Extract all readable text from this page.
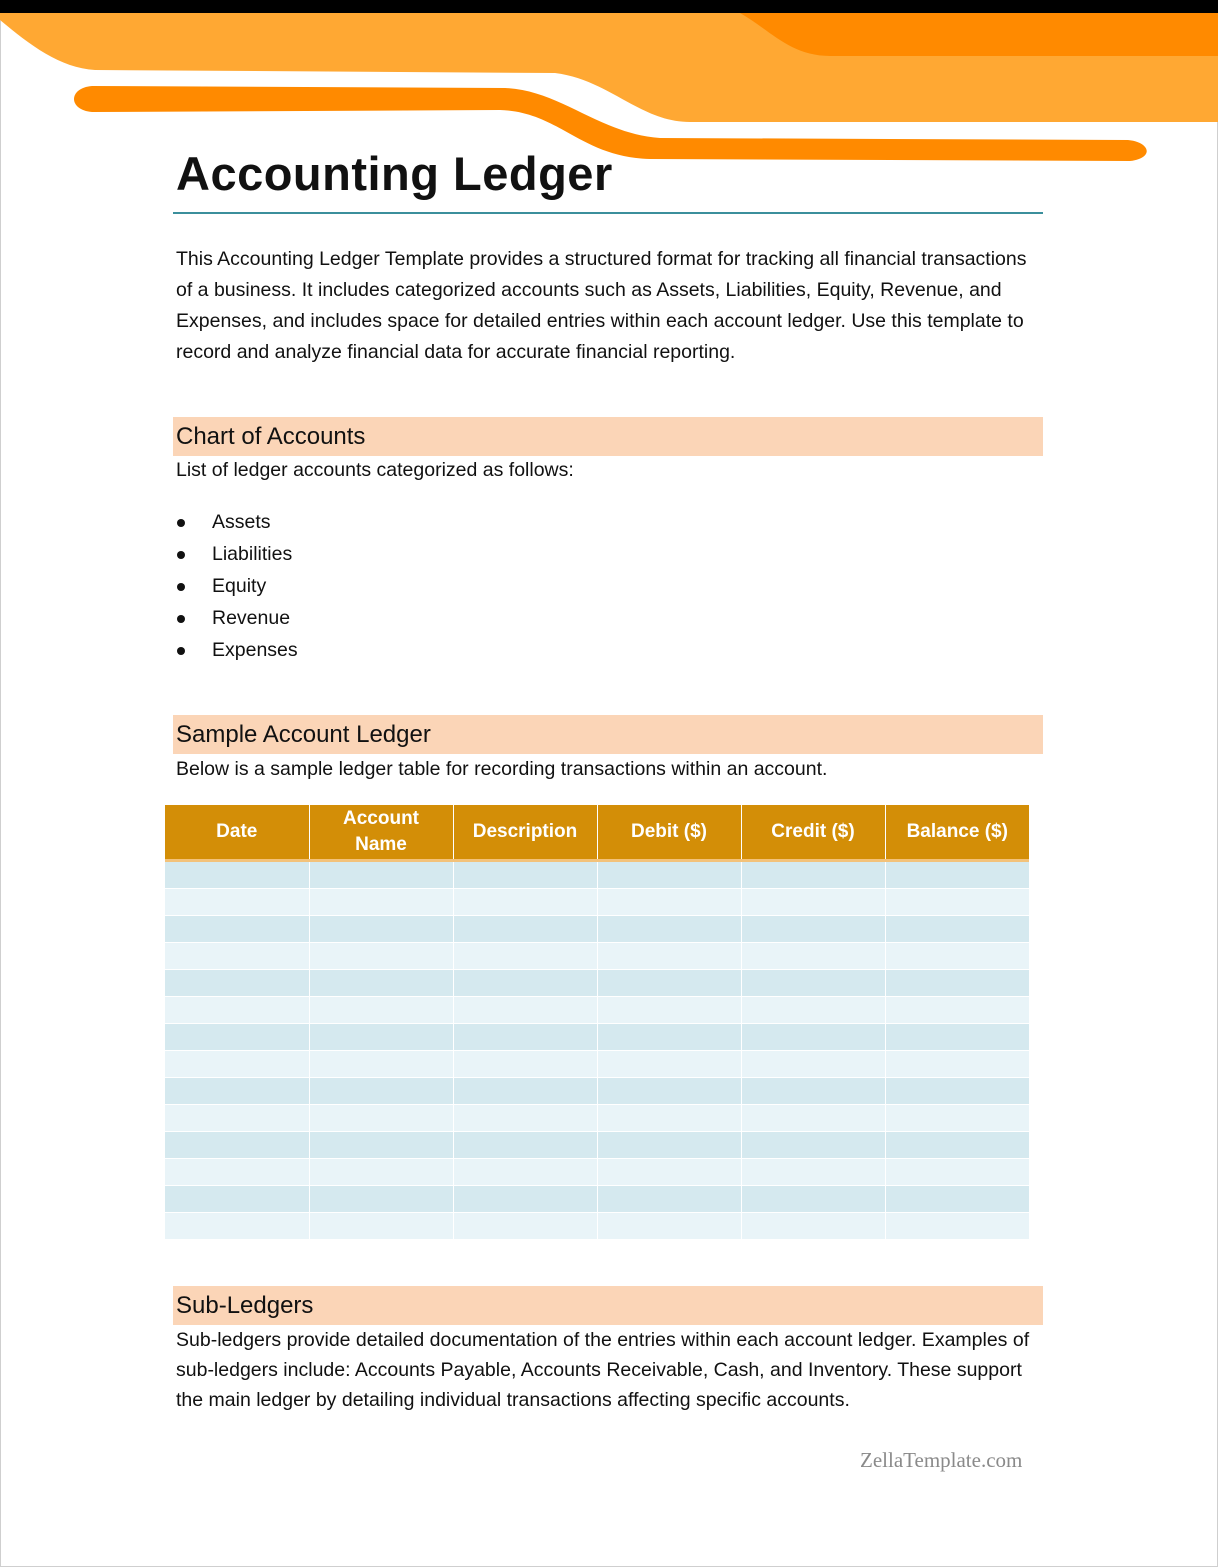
Accounting Ledger

This Accounting Ledger Template provides a structured format for tracking all financial transactions of a business. It includes categorized accounts such as Assets, Liabilities, Equity, Revenue, and Expenses, and includes space for detailed entries within each account ledger. Use this template to record and analyze financial data for accurate financial reporting.

Chart of Accounts

List of ledger accounts categorized as follows:

Assets
Liabilities
Equity
Revenue
Expenses
Sample Account Ledger

Below is a sample ledger table for recording transactions within an account.

Date	Account Name	Description	Debit ($)	Credit ($)	Balance ($)

Sub-Ledgers

Sub-ledgers provide detailed documentation of the entries within each account ledger. Examples of sub-ledgers include: Accounts Payable, Accounts Receivable, Cash, and Inventory. These support the main ledger by detailing individual transactions affecting specific accounts.

ZellaTemplate.com
